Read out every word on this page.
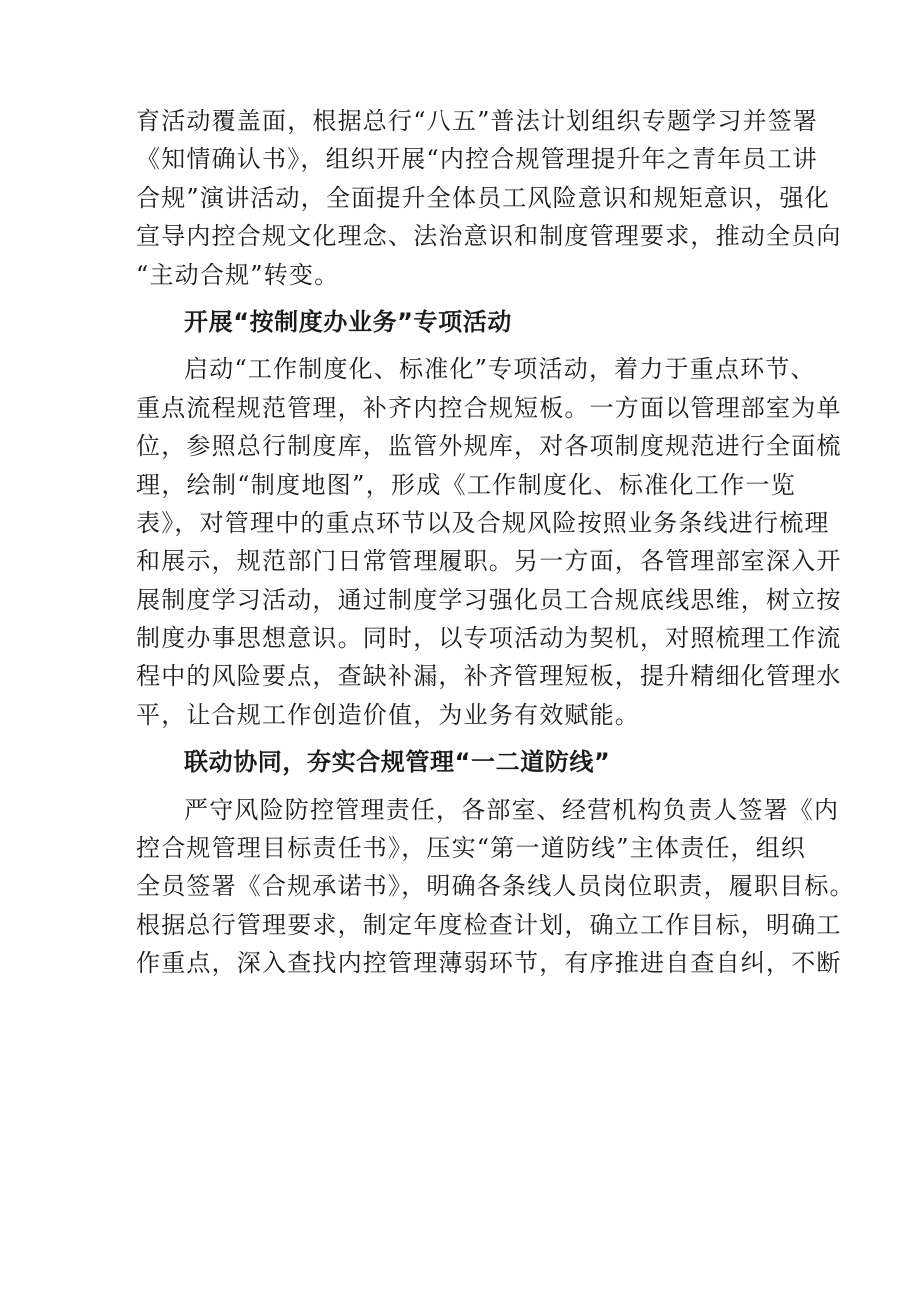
育活动覆盖面，根据总行“八五”普法计划组织专题学习并签署
《知情确认书》，组织开展“内控合规管理提升年之青年员工讲
合规”演讲活动，全面提升全体员工风险意识和规矩意识，强化
宣导内控合规文化理念、法治意识和制度管理要求，推动全员向
“主动合规”转变。
开展“按制度办业务”专项活动
启动“工作制度化、标准化”专项活动，着力于重点环节、
重点流程规范管理，补齐内控合规短板。一方面以管理部室为单
位，参照总行制度库，监管外规库，对各项制度规范进行全面梳
理，绘制“制度地图”，形成《工作制度化、标准化工作一览
表》，对管理中的重点环节以及合规风险按照业务条线进行梳理
和展示，规范部门日常管理履职。另一方面，各管理部室深入开
展制度学习活动，通过制度学习强化员工合规底线思维，树立按
制度办事思想意识。同时，以专项活动为契机，对照梳理工作流
程中的风险要点，查缺补漏，补齐管理短板，提升精细化管理水
平，让合规工作创造价值，为业务有效赋能。
联动协同，夯实合规管理“一二道防线”
严守风险防控管理责任，各部室、经营机构负责人签署《内
控合规管理目标责任书》，压实“第一道防线”主体责任，组织
全员签署《合规承诺书》，明确各条线人员岗位职责，履职目标。
根据总行管理要求，制定年度检查计划，确立工作目标，明确工
作重点，深入查找内控管理薄弱环节，有序推进自查自纠，不断
